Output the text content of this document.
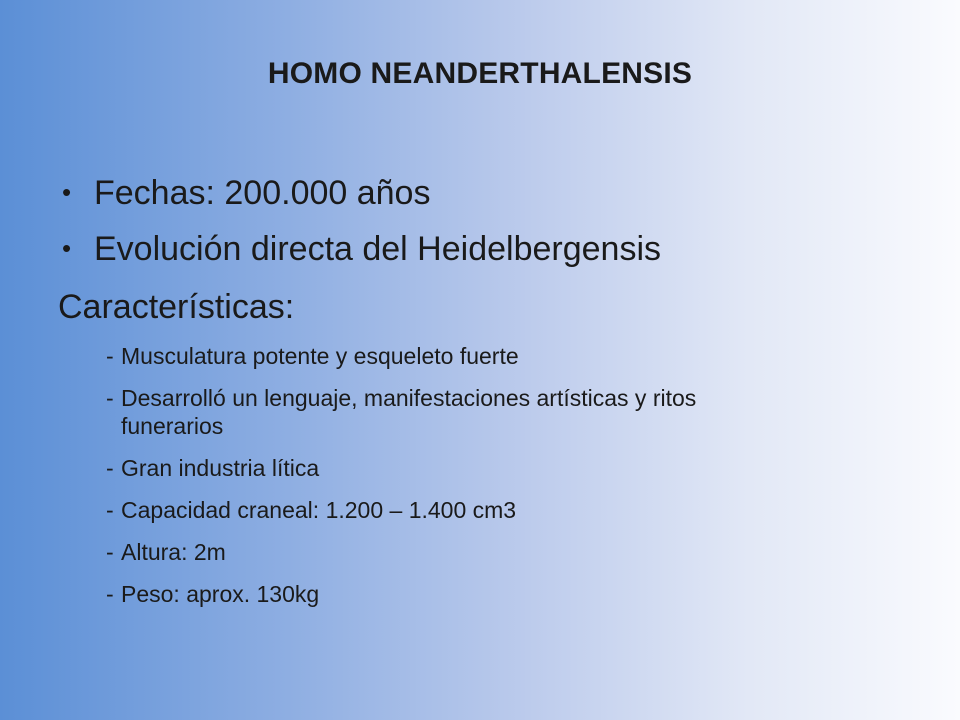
HOMO NEANDERTHALENSIS
• Fechas: 200.000 años
• Evolución directa del Heidelbergensis
Características:
- Musculatura potente y esqueleto fuerte
- Desarrolló un lenguaje, manifestaciones artísticas y ritos
funerarios
- Gran industria lítica
- Capacidad craneal: 1.200 – 1.400 cm3
- Altura: 2m
- Peso: aprox. 130kg
